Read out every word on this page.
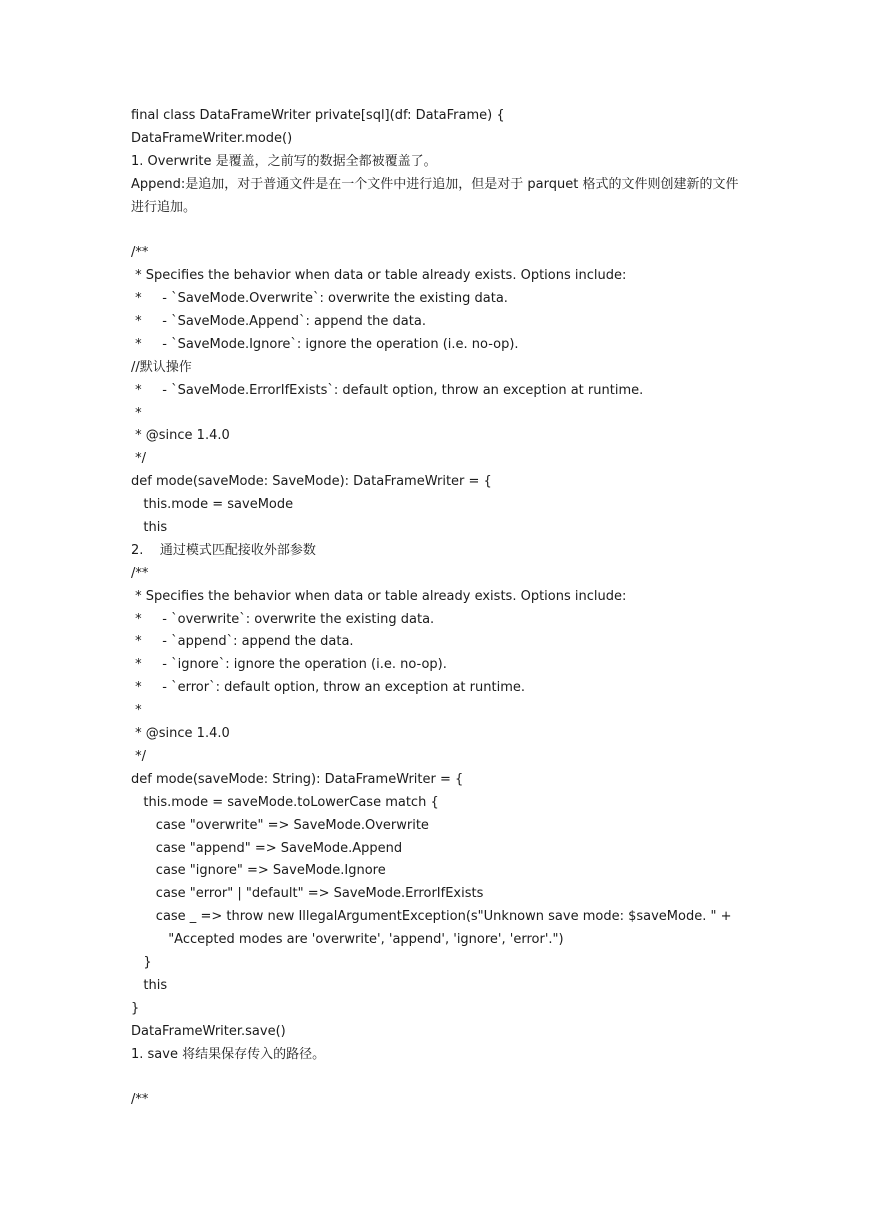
final class DataFrameWriter private[sql](df: DataFrame) {

DataFrameWriter.mode()

1. Overwrite 是覆盖，之前写的数据全都被覆盖了。

Append:是追加，对于普通文件是在一个文件中进行追加，但是对于 parquet 格式的文件则创建新的文件

进行追加。

/**

* Specifies the behavior when data or table already exists. Options include:

*     - `SaveMode.Overwrite`: overwrite the existing data.

*     - `SaveMode.Append`: append the data.

*     - `SaveMode.Ignore`: ignore the operation (i.e. no-op).

//默认操作

*     - `SaveMode.ErrorIfExists`: default option, throw an exception at runtime.

*

* @since 1.4.0

*/

def mode(saveMode: SaveMode): DataFrameWriter = {

this.mode = saveMode

this

2.    通过模式匹配接收外部参数

/**

* Specifies the behavior when data or table already exists. Options include:

*     - `overwrite`: overwrite the existing data.

*     - `append`: append the data.

*     - `ignore`: ignore the operation (i.e. no-op).

*     - `error`: default option, throw an exception at runtime.

*

* @since 1.4.0

*/

def mode(saveMode: String): DataFrameWriter = {

this.mode = saveMode.toLowerCase match {

case "overwrite" => SaveMode.Overwrite

case "append" => SaveMode.Append

case "ignore" => SaveMode.Ignore

case "error" | "default" => SaveMode.ErrorIfExists

case _ => throw new IllegalArgumentException(s"Unknown save mode: $saveMode. " +

"Accepted modes are 'overwrite', 'append', 'ignore', 'error'.")

}

this

}

DataFrameWriter.save()

1. save 将结果保存传入的路径。

/**
